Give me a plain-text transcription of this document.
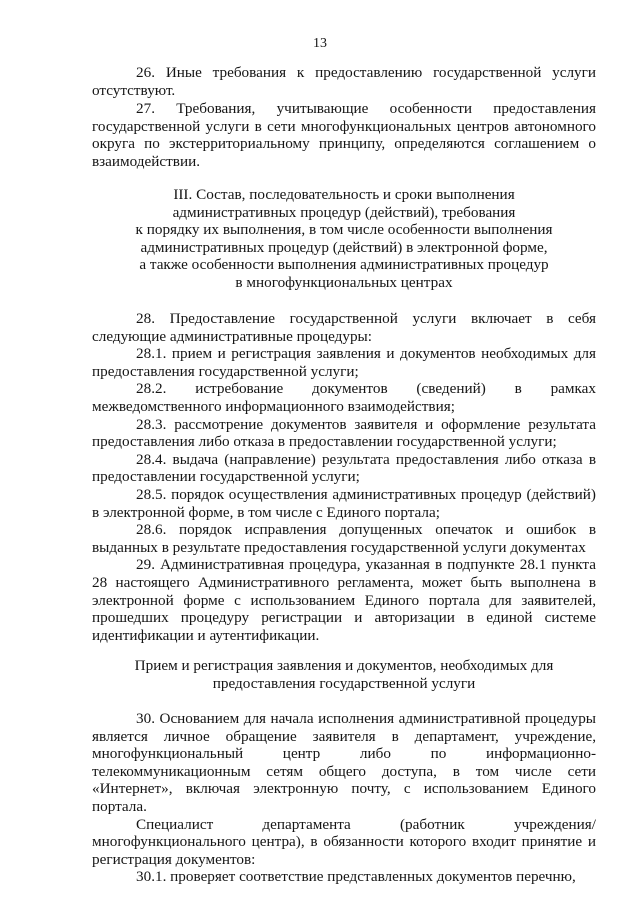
13

26. Иные требования к предоставлению государственной услуги отсутствуют.

27. Требования, учитывающие особенности предоставления государственной услуги в сети многофункциональных центров автономного округа по экстерриториальному принципу, определяются соглашением о взаимодействии.

III. Состав, последовательность и сроки выполнения
административных процедур (действий), требования
к порядку их выполнения, в том числе особенности выполнения
административных процедур (действий) в электронной форме,
а также особенности выполнения административных процедур
в многофункциональных центрах

28. Предоставление государственной услуги включает в себя следующие административные процедуры:

28.1. прием и регистрация заявления и документов необходимых для предоставления государственной услуги;

28.2. истребование документов (сведений) в рамках межведомственного информационного взаимодействия;

28.3. рассмотрение документов заявителя и оформление результата предоставления либо отказа в предоставлении государственной услуги;

28.4. выдача (направление) результата предоставления либо отказа в предоставлении государственной услуги;

28.5. порядок осуществления административных процедур (действий) в электронной форме, в том числе с Единого портала;

28.6. порядок исправления допущенных опечаток и ошибок в выданных в результате предоставления государственной услуги документах

29. Административная процедура, указанная в подпункте 28.1 пункта 28 настоящего Административного регламента, может быть выполнена в электронной форме с использованием Единого портала для заявителей, прошедших процедуру регистрации и авторизации в единой системе идентификации и аутентификации.

Прием и регистрация заявления и документов, необходимых для
предоставления государственной услуги

30. Основанием для начала исполнения административной процедуры является личное обращение заявителя в департамент, учреждение, многофункциональный центр либо по информационно-телекоммуникационным сетям общего доступа, в том числе сети «Интернет», включая электронную почту, с использованием Единого портала.

Специалист департамента (работник учреждения/многофункционального центра), в обязанности которого входит принятие и регистрация документов:

30.1. проверяет соответствие представленных документов перечню,
